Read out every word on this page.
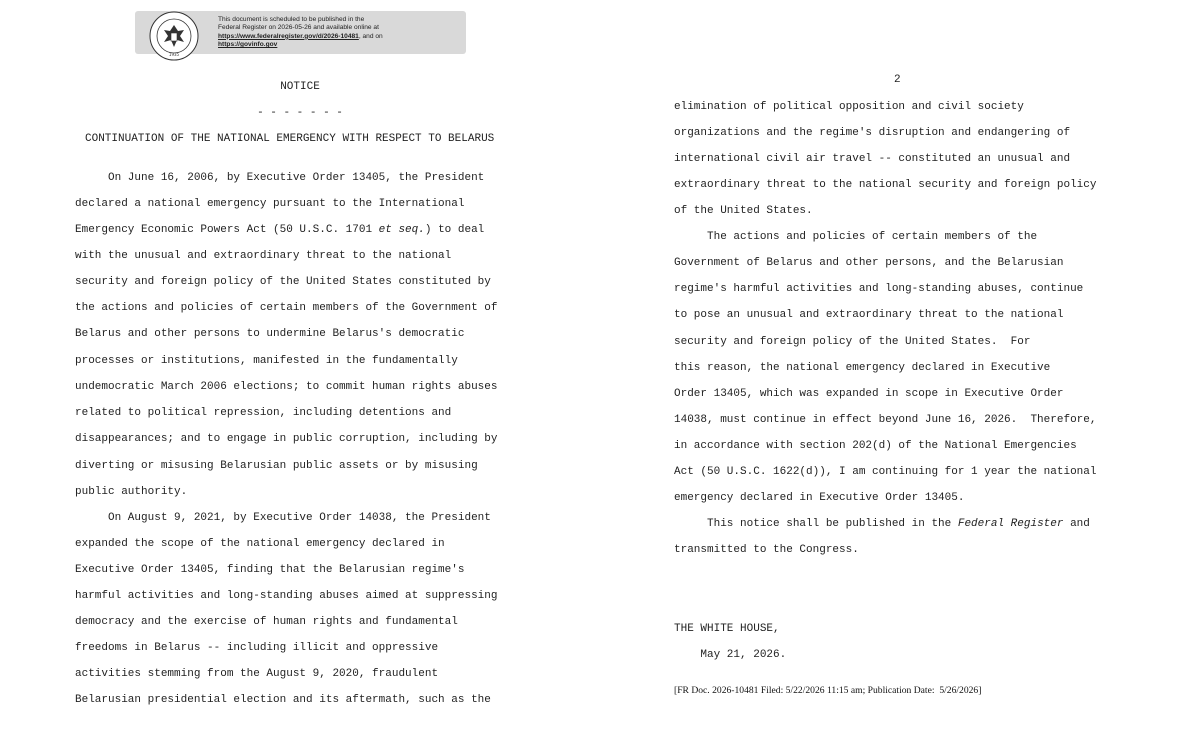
1935
This document is scheduled to be published in the
Federal Register on 2026-05-26 and available online at
https://www.federalregister.gov/d/2026-10481, and on
https://govinfo.gov
NOTICE
- - - - - - -
CONTINUATION OF THE NATIONAL EMERGENCY WITH RESPECT TO BELARUS
On June 16, 2006, by Executive Order 13405, the President
declared a national emergency pursuant to the International
Emergency Economic Powers Act (50 U.S.C. 1701 et seq.) to deal
with the unusual and extraordinary threat to the national
security and foreign policy of the United States constituted by
the actions and policies of certain members of the Government of
Belarus and other persons to undermine Belarus's democratic
processes or institutions, manifested in the fundamentally
undemocratic March 2006 elections; to commit human rights abuses
related to political repression, including detentions and
disappearances; and to engage in public corruption, including by
diverting or misusing Belarusian public assets or by misusing
public authority.
On August 9, 2021, by Executive Order 14038, the President
expanded the scope of the national emergency declared in
Executive Order 13405, finding that the Belarusian regime's
harmful activities and long-standing abuses aimed at suppressing
democracy and the exercise of human rights and fundamental
freedoms in Belarus -- including illicit and oppressive
activities stemming from the August 9, 2020, fraudulent
Belarusian presidential election and its aftermath, such as the
2
elimination of political opposition and civil society
organizations and the regime's disruption and endangering of
international civil air travel -- constituted an unusual and
extraordinary threat to the national security and foreign policy
of the United States.
The actions and policies of certain members of the
Government of Belarus and other persons, and the Belarusian
regime's harmful activities and long-standing abuses, continue
to pose an unusual and extraordinary threat to the national
security and foreign policy of the United States.  For
this reason, the national emergency declared in Executive
Order 13405, which was expanded in scope in Executive Order
14038, must continue in effect beyond June 16, 2026.  Therefore,
in accordance with section 202(d) of the National Emergencies
Act (50 U.S.C. 1622(d)), I am continuing for 1 year the national
emergency declared in Executive Order 13405.
This notice shall be published in the Federal Register and
transmitted to the Congress.
THE WHITE HOUSE,
May 21, 2026.
[FR Doc. 2026-10481 Filed: 5/22/2026 11:15 am; Publication Date:  5/26/2026]
